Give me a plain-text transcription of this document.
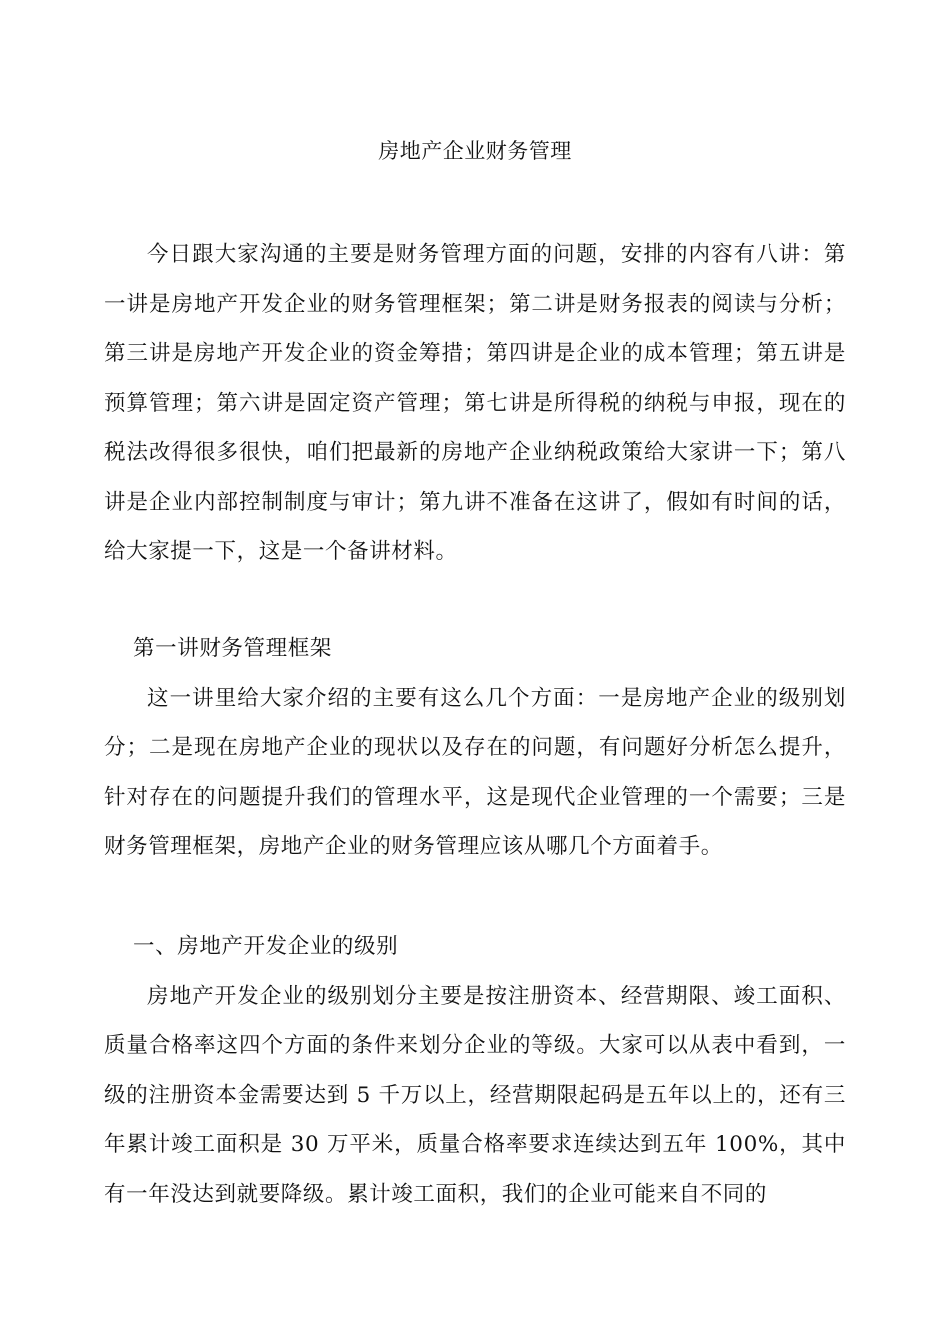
房地产企业财务管理

今日跟大家沟通的主要是财务管理方面的问题，安排的内容有八讲：第一讲是房地产开发企业的财务管理框架；第二讲是财务报表的阅读与分析；第三讲是房地产开发企业的资金筹措；第四讲是企业的成本管理；第五讲是预算管理；第六讲是固定资产管理；第七讲是所得税的纳税与申报，现在的税法改得很多很快，咱们把最新的房地产企业纳税政策给大家讲一下；第八讲是企业内部控制制度与审计；第九讲不准备在这讲了，假如有时间的话，给大家提一下，这是一个备讲材料。

第一讲财务管理框架

这一讲里给大家介绍的主要有这么几个方面：一是房地产企业的级别划分；二是现在房地产企业的现状以及存在的问题，有问题好分析怎么提升，针对存在的问题提升我们的管理水平，这是现代企业管理的一个需要；三是财务管理框架，房地产企业的财务管理应该从哪几个方面着手。

一、房地产开发企业的级别

房地产开发企业的级别划分主要是按注册资本、经营期限、竣工面积、质量合格率这四个方面的条件来划分企业的等级。大家可以从表中看到，一级的注册资本金需要达到 5 千万以上，经营期限起码是五年以上的，还有三年累计竣工面积是 30 万平米，质量合格率要求连续达到五年 100%，其中有一年没达到就要降级。累计竣工面积，我们的企业可能来自不同的
